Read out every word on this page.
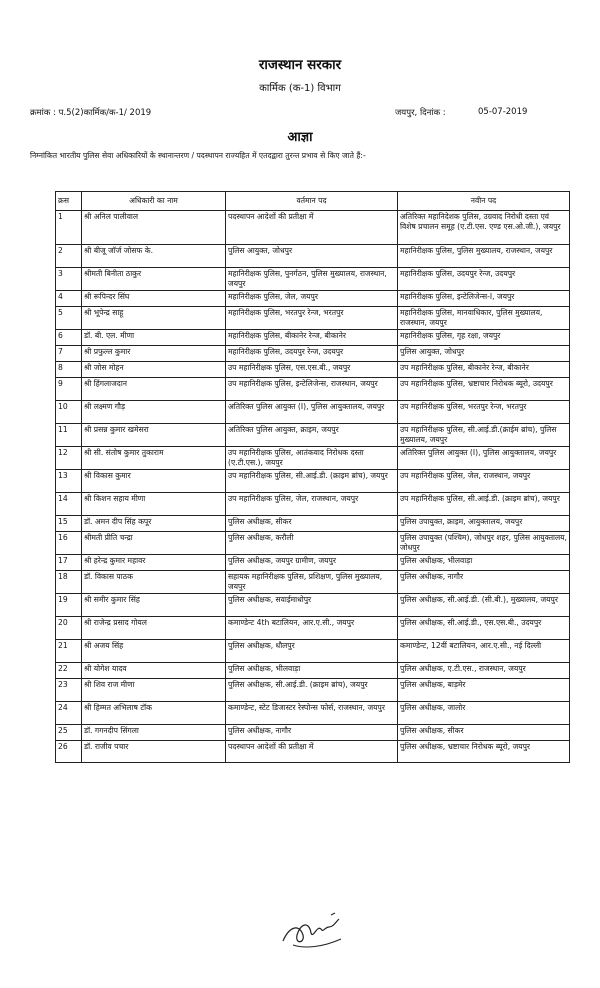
राजस्थान सरकार
कार्मिक (क-1) विभाग
क्रमांक : प.5(2)कार्मिक/क-1/ 2019	जयपुर, दिनांक :	05-07-2019
आज्ञा
निम्नांकित भारतीय पुलिस सेवा अधिकारियों के स्थानान्तरण / पदस्थापन राज्यहित में एतदद्वारा तुरन्त प्रभाव से किए जाते हैं:-
क्रस	अधिकारी का नाम	वर्तमान पद	नवीन पद
1	श्री अनिल पालीवाल	पदस्थापन आदेशों की प्रतीक्षा में	अतिरिक्त महानिदेशक पुलिस, उग्रवाद निरोधी दस्ता एवं विशेष प्रचालन समूह (ए.टी.एस. एण्ड एस.ओ.जी.), जयपुर
2	श्री बीजू जॉर्ज जोसफ के.	पुलिस आयुक्त, जोधपुर	महानिरीक्षक पुलिस, पुलिस मुख्यालय, राजस्थान, जयपुर
3	श्रीमती बिनीता ठाकुर	महानिरीक्षक पुलिस, पुनर्गठन, पुलिस मुख्यालय, राजस्थान, जयपुर	महानिरीक्षक पुलिस, उदयपुर रेन्ज, उदयपुर
4	श्री रूपिन्दर सिंघ	महानिरीक्षक पुलिस, जेल, जयपुर	महानिरीक्षक पुलिस, इन्टेलिजेन्स-I, जयपुर
5	श्री भूपेन्द्र साहू	महानिरीक्षक पुलिस, भरतपुर रेन्ज, भरतपुर	महानिरीक्षक पुलिस, मानवाधिकार, पुलिस मुख्यालय, राजस्थान, जयपुर
6	डॉ. बी. एल. मीणा	महानिरीक्षक पुलिस, बीकानेर रेन्ज, बीकानेर	महानिरीक्षक पुलिस, गृह रक्षा, जयपुर
7	श्री प्रफुल्ल कुमार	महानिरीक्षक पुलिस, उदयपुर रेन्ज, उदयपुर	पुलिस आयुक्त, जोधपुर
8	श्री जोस मोहन	उप महानिरीक्षक पुलिस, एस.एस.बी., जयपुर	उप महानिरीक्षक पुलिस, बीकानेर रेन्ज, बीकानेर
9	श्री हिंगलाजदान	उप महानिरीक्षक पुलिस, इन्टेलिजेन्स, राजस्थान, जयपुर	उप महानिरीक्षक पुलिस, भ्रष्टाचार निरोधक ब्यूरो, उदयपुर
10	श्री लक्ष्मण गौड़	अतिरिक्त पुलिस आयुक्त (I), पुलिस आयुक्तालय, जयपुर	उप महानिरीक्षक पुलिस, भरतपुर रेन्ज, भरतपुर
11	श्री प्रसन्न कुमार खमेसरा	अतिरिक्त पुलिस आयुक्त, क्राइम, जयपुर	उप महानिरीक्षक पुलिस, सी.आई.डी.(क्राईम ब्रांच), पुलिस मुख्यालय, जयपुर
12	श्री सी. संतोष कुमार तुकाराम	उप महानिरीक्षक पुलिस, आतंकवाद निरोधक दस्ता (ए.टी.एस.), जयपुर	अतिरिक्त पुलिस आयुक्त (I), पुलिस आयुक्तालय, जयपुर
13	श्री विकास कुमार	उप महानिरीक्षक पुलिस, सी.आई.डी. (क्राइम ब्रांच), जयपुर	उप महानिरीक्षक पुलिस, जेल, राजस्थान, जयपुर
14	श्री किशन सहाय मीणा	उप महानिरीक्षक पुलिस, जेल, राजस्थान, जयपुर	उप महानिरीक्षक पुलिस, सी.आई.डी. (क्राइम ब्रांच), जयपुर
15	डॉ. अमन दीप सिंह कपूर	पुलिस अधीक्षक, सीकर	पुलिस उपायुक्त, क्राइम, आयुक्तालय, जयपुर
16	श्रीमती प्रीति चन्द्रा	पुलिस अधीक्षक, करौली	पुलिस उपायुक्त (पश्चिम), जोधपुर शहर, पुलिस आयुक्तालय, जोधपुर
17	श्री हरेन्द्र कुमार महावर	पुलिस अधीक्षक, जयपुर ग्रामीण, जयपुर	पुलिस अधीक्षक, भीलवाड़ा
18	डॉ. विकास पाठक	सहायक महानिरीक्षक पुलिस, प्रशिक्षण, पुलिस मुख्यालय, जयपुर	पुलिस अधीक्षक, नागौर
19	श्री समीर कुमार सिंह	पुलिस अधीक्षक, सवाईमाधोपुर	पुलिस अधीक्षक, सी.आई.डी. (सी.बी.), मुख्यालय, जयपुर
20	श्री राजेन्द्र प्रसाद गोयल	कमाण्डेन्ट 4th बटालियन, आर.ए.सी., जयपुर	पुलिस अधीक्षक, सी.आई.डी., एस.एस.बी., उदयपुर
21	श्री अजय सिंह	पुलिस अधीक्षक, धौलपुर	कमाण्डेन्ट, 12वीं बटालियन, आर.ए.सी., नई दिल्ली
22	श्री योगेश यादव	पुलिस अधीक्षक, भीलवाड़ा	पुलिस अधीक्षक, ए.टी.एस., राजस्थान, जयपुर
23	श्री शिव राज मीणा	पुलिस अधीक्षक, सी.आई.डी. (क्राइम ब्रांच), जयपुर	पुलिस अधीक्षक, बाड़मेर
24	श्री हिम्मत अभिलाष टॉक	कमाण्डेन्ट, स्टेट डिजास्टर रेस्पोन्स फोर्स, राजस्थान, जयपुर	पुलिस अधीक्षक, जालोर
25	डॉ. गगनदीप सिंगला	पुलिस अधीक्षक, नागौर	पुलिस अधीक्षक, सीकर
26	डॉ. राजीव पचार	पदस्थापन आदेशों की प्रतीक्षा में	पुलिस अधीक्षक, भ्रष्टाचार निरोधक ब्यूरो, जयपुर
